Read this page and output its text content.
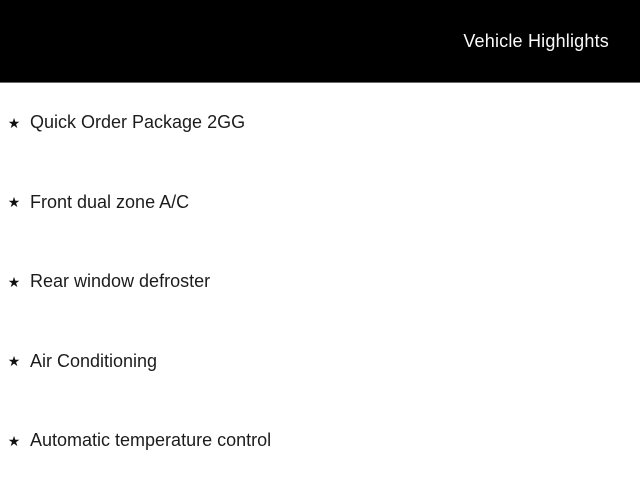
Vehicle Highlights
★ Quick Order Package 2GG
★ Front dual zone A/C
★ Rear window defroster
★ Air Conditioning
★ Automatic temperature control
